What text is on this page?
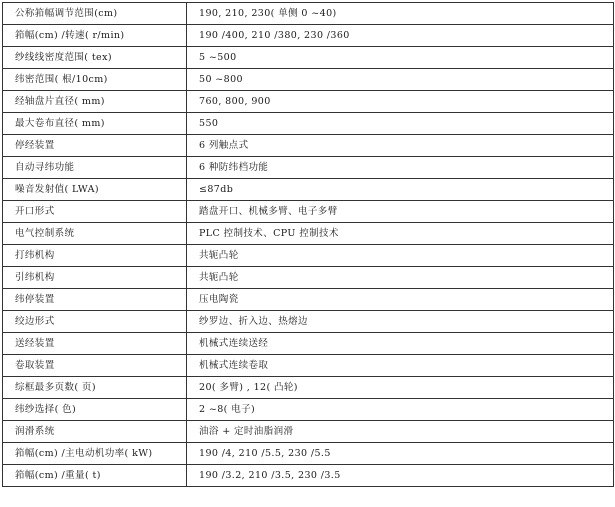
公称筘幅调节范围(cm)	190, 210, 230( 单侧 0 ~40)
筘幅(cm) /转速( r/min)	190 /400, 210 /380, 230 /360
纱线线密度范围( tex)	5 ~500
纬密范围( 根/10cm)	50 ~800
经轴盘片直径( mm)	760, 800, 900
最大卷布直径( mm)	550
停经装置	6 列触点式
自动寻纬功能	6 种防纬档功能
噪音发射值( LWA)	≤87db
开口形式	踏盘开口、机械多臂、电子多臂
电气控制系统	PLC 控制技术、CPU 控制技术
打纬机构	共轭凸轮
引纬机构	共轭凸轮
纬停装置	压电陶瓷
绞边形式	纱罗边、折入边、热熔边
送经装置	机械式连续送经
卷取装置	机械式连续卷取
综框最多页数( 页)	20( 多臂) , 12( 凸轮)
纬纱选择( 色)	2 ~8( 电子)
润滑系统	油浴 + 定时油脂润滑
筘幅(cm) /主电动机功率( kW)	190 /4, 210 /5.5, 230 /5.5
筘幅(cm) /重量( t)	190 /3.2, 210 /3.5, 230 /3.5
